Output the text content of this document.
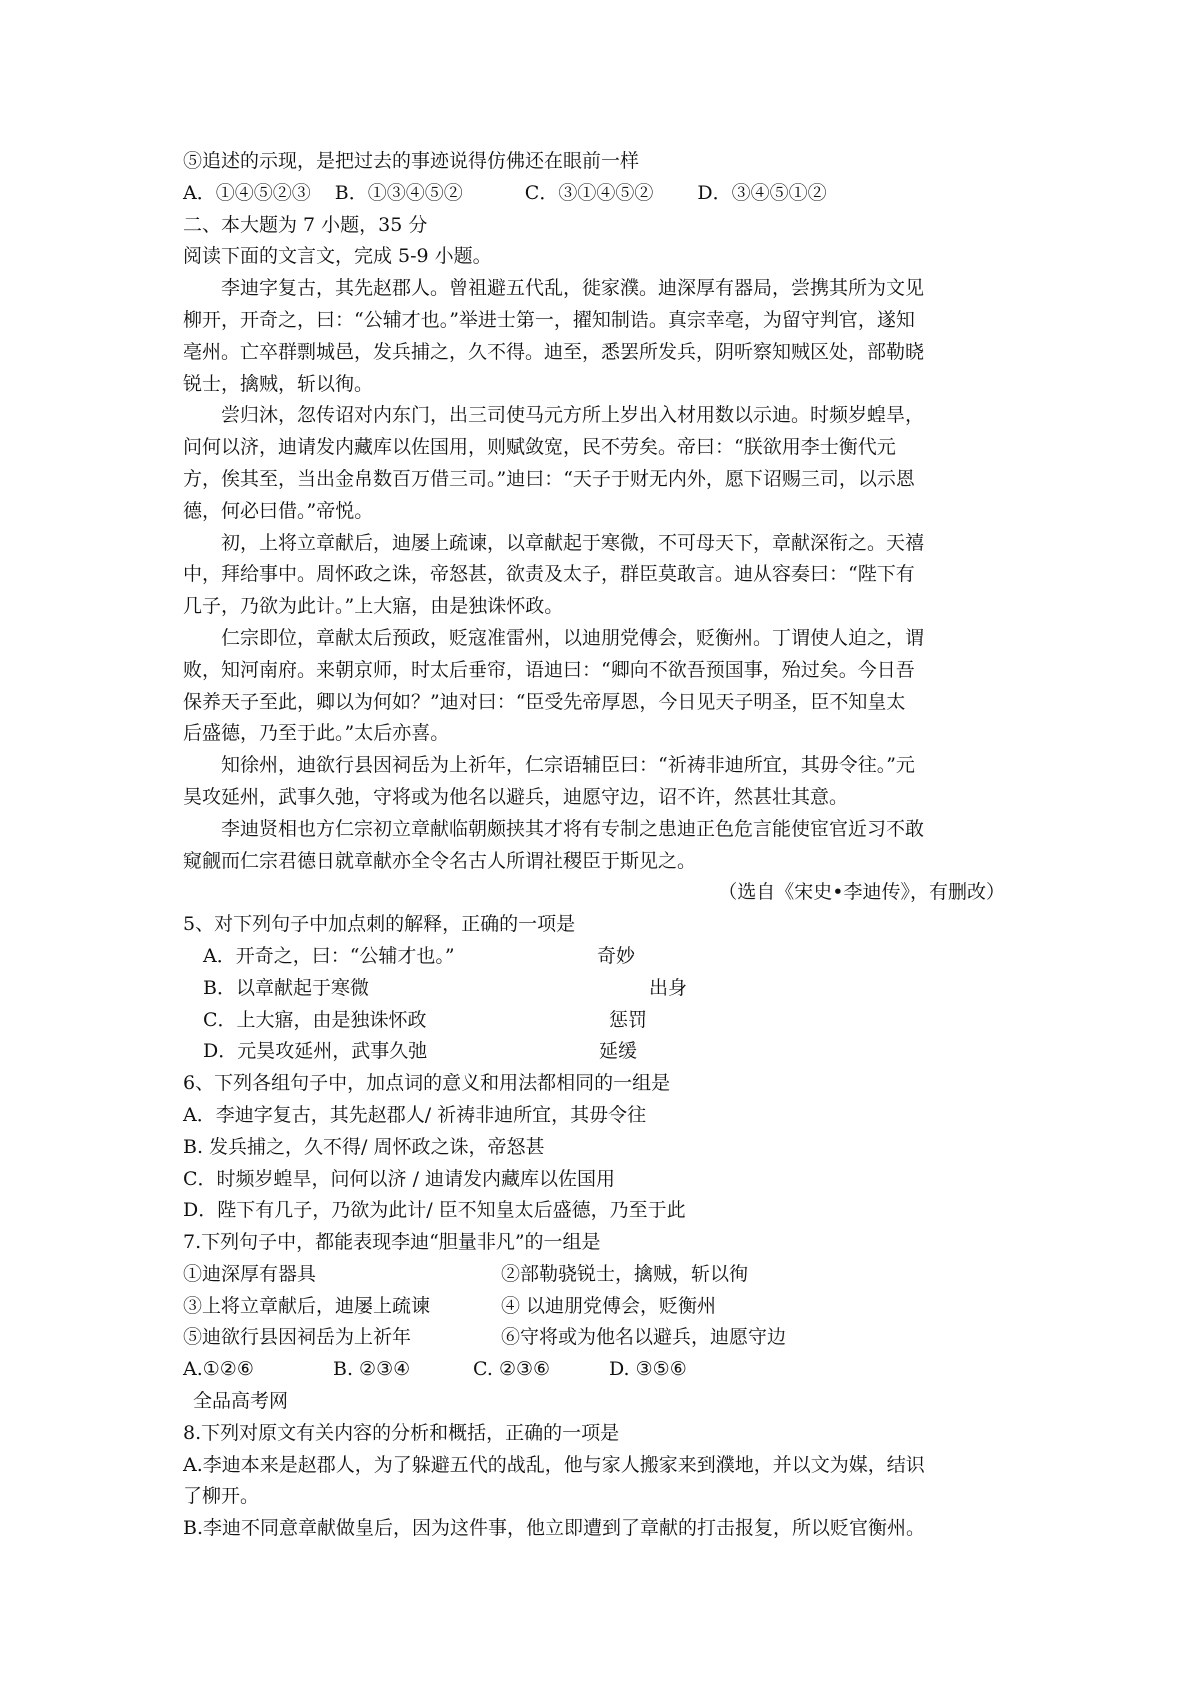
⑤追述的示现，是把过去的事迹说得仿佛还在眼前一样

A．①④⑤②③ B．①③④⑤②	C．③①④⑤② D．③④⑤①②

二、本大题为 7 小题，35 分

阅读下面的文言文，完成 5-9 小题。

李迪字复古，其先赵郡人。曾祖避五代乱，徙家濮。迪深厚有器局，尝携其所为文见

柳开，开奇之，曰：“公辅才也。”举进士第一，擢知制诰。真宗幸亳，为留守判官，遂知

亳州。亡卒群剽城邑，发兵捕之，久不得。迪至，悉罢所发兵，阴听察知贼区处，部勒晓

锐士，擒贼，斩以徇。

尝归沐，忽传诏对内东门，出三司使马元方所上岁出入材用数以示迪。时频岁蝗旱，

问何以济，迪请发内藏库以佐国用，则赋敛宽，民不劳矣。帝曰：“朕欲用李士衡代元

方，俟其至，当出金帛数百万借三司。”迪曰：“天子于财无内外，愿下诏赐三司，以示恩

德，何必曰借。”帝悦。

初，上将立章献后，迪屡上疏谏，以章献起于寒微，不可母天下，章献深衔之。天禧

中，拜给事中。周怀政之诛，帝怒甚，欲责及太子，群臣莫敢言。迪从容奏曰：“陛下有

几子，乃欲为此计。”上大寤，由是独诛怀政。

仁宗即位，章献太后预政，贬寇准雷州，以迪朋党傅会，贬衡州。丁谓使人迫之，谓

败，知河南府。来朝京师，时太后垂帘，语迪曰：“卿向不欲吾预国事，殆过矣。今日吾

保养天子至此，卿以为何如？”迪对曰：“臣受先帝厚恩，今日见天子明圣，臣不知皇太

后盛德，乃至于此。”太后亦喜。

知徐州，迪欲行县因祠岳为上祈年，仁宗语辅臣曰：“祈祷非迪所宜，其毋令往。”元

昊攻延州，武事久弛，守将或为他名以避兵，迪愿守边，诏不许，然甚壮其意。

李迪贤相也方仁宗初立章献临朝颇挟其才将有专制之患迪正色危言能使宦官近习不敢

窥觎而仁宗君德日就章献亦全令名古人所谓社稷臣于斯见之。

（选自《宋史•李迪传》，有删改）

5、对下列句子中加点刺的解释，正确的一项是

A．开奇之，曰：“公辅才也。”	奇妙
B．以章献起于寒微	出身
C．上大寤，由是独诛怀政	惩罚
D．元昊攻延州，武事久弛	延缓

6、下列各组句子中，加点词的意义和用法都相同的一组是

A．李迪字复古，其先赵郡人/ 祈祷非迪所宜，其毋令往

B. 发兵捕之，久不得/ 周怀政之诛，帝怒甚

C．时频岁蝗旱，问何以济 / 迪请发内藏库以佐国用

D．陛下有几子，乃欲为此计/ 臣不知皇太后盛德，乃至于此

7.下列句子中，都能表现李迪“胆量非凡”的一组是

①迪深厚有器具	②部勒骁锐士，擒贼，斩以徇
③上将立章献后，迪屡上疏谏	④ 以迪朋党傅会，贬衡州
⑤迪欲行县因祠岳为上祈年	⑥守将或为他名以避兵，迪愿守边
A.①②⑥	B. ②③④	C. ②③⑥	D. ③⑤⑥

全品高考网

8.下列对原文有关内容的分析和概括，正确的一项是

A.李迪本来是赵郡人，为了躲避五代的战乱，他与家人搬家来到濮地，并以文为媒，结识

了柳开。

B.李迪不同意章献做皇后，因为这件事，他立即遭到了章献的打击报复，所以贬官衡州。
